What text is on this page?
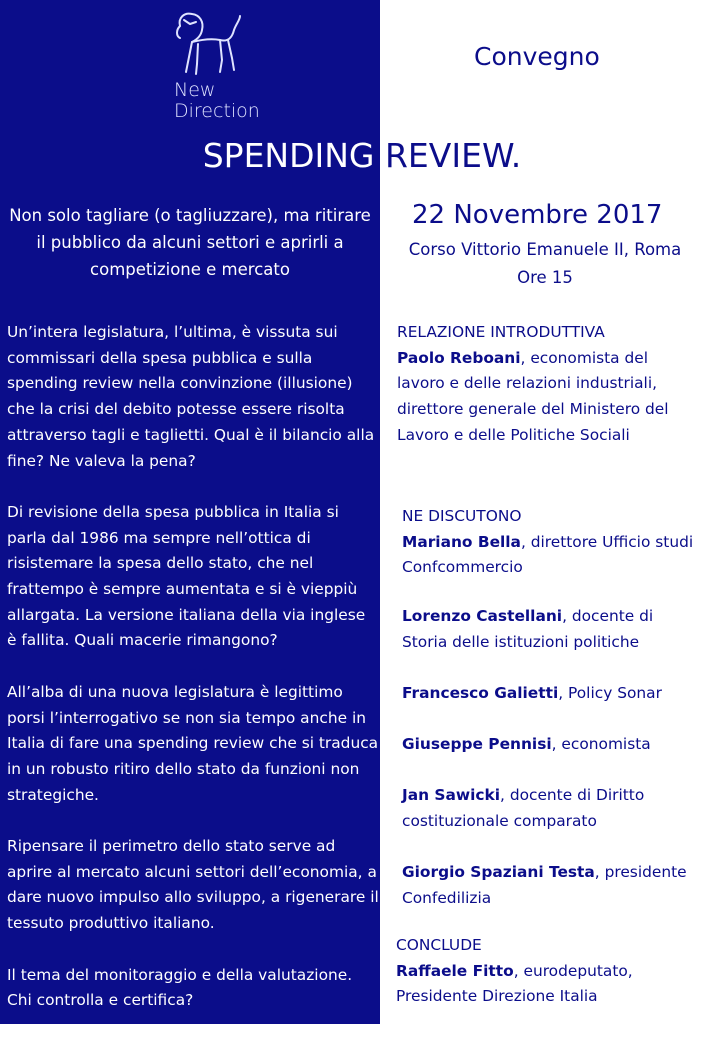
New
Direction
Convegno
SPENDING REVIEW.
Non solo tagliare (o tagliuzzare), ma ritirare il pubblico da alcuni settori e aprirli a competizione e mercato

Un’intera legislatura, l’ultima, è vissuta sui commissari della spesa pubblica e sulla spending review nella convinzione (illusione) che la crisi del debito potesse essere risolta attraverso tagli e taglietti. Qual è il bilancio alla fine? Ne valeva la pena?

Di revisione della spesa pubblica in Italia si parla dal 1986 ma sempre nell’ottica di risistemare la spesa dello stato, che nel frattempo è sempre aumentata e si è vieppiù allargata. La versione italiana della via inglese è fallita. Quali macerie rimangono?

All’alba di una nuova legislatura è legittimo porsi l’interrogativo se non sia tempo anche in Italia di fare una spending review che si traduca in un robusto ritiro dello stato da funzioni non strategiche.

Ripensare il perimetro dello stato serve ad aprire al mercato alcuni settori dell’economia, a dare nuovo impulso allo sviluppo, a rigenerare il tessuto produttivo italiano.

Il tema del monitoraggio e della valutazione. Chi controlla e certifica?

22 Novembre 2017
Corso Vittorio Emanuele II, Roma
Ore 15
RELAZIONE INTRODUTTIVA
Paolo Reboani, economista del lavoro e delle relazioni industriali, direttore generale del Ministero del Lavoro e delle Politiche Sociali
NE DISCUTONO
Mariano Bella, direttore Ufficio studi Confcommercio
Lorenzo Castellani, docente di Storia delle istituzioni politiche
Francesco Galietti, Policy Sonar
Giuseppe Pennisi, economista
Jan Sawicki, docente di Diritto costituzionale comparato
Giorgio Spaziani Testa, presidente Confedilizia
CONCLUDE
Raffaele Fitto, eurodeputato, Presidente Direzione Italia
